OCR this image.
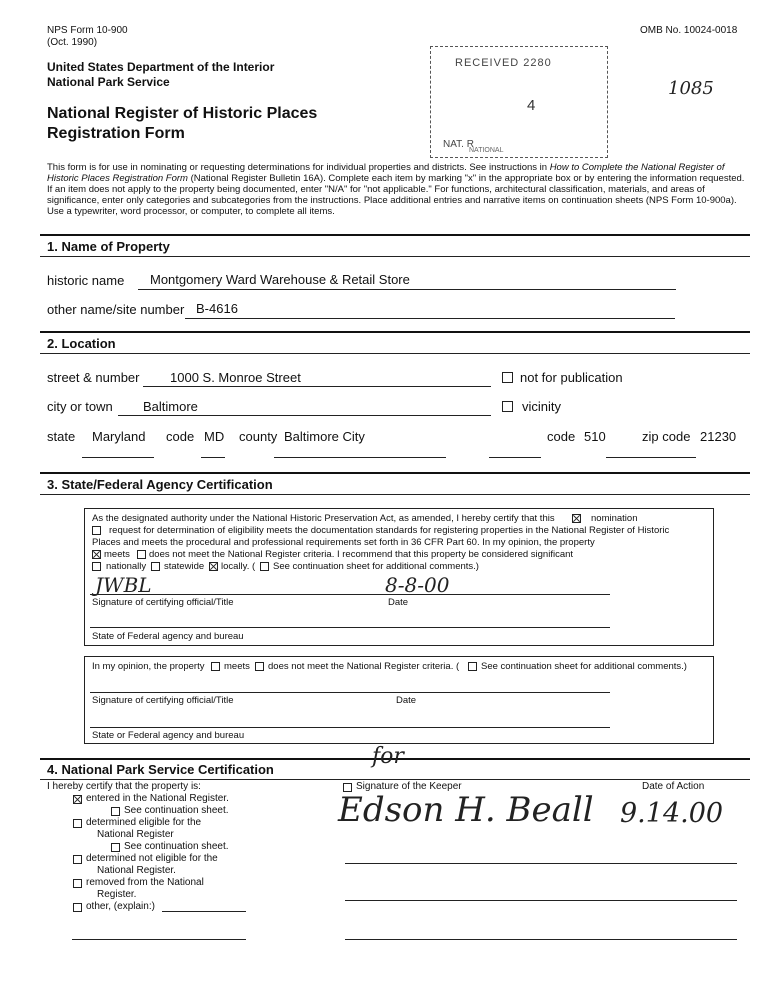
NPS Form 10-900
(Oct. 1990)
OMB No. 10024-0018
United States Department of the Interior
National Park Service
National Register of Historic Places
Registration Form
RECEIVED 2280
4
NAT. R
NATIONAL
1085
This form is for use in nominating or requesting determinations for individual properties and districts. See instructions in How to Complete the National Register of Historic Places Registration Form (National Register Bulletin 16A). Complete each item by marking "x" in the appropriate box or by entering the information requested. If an item does not apply to the property being documented, enter "N/A" for "not applicable." For functions, architectural classification, materials, and areas of significance, enter only categories and subcategories from the instructions. Place additional entries and narrative items on continuation sheets (NPS Form 10-900a). Use a typewriter, word processor, or computer, to complete all items.
1. Name of Property
historic name Montgomery Ward Warehouse & Retail Store
other name/site number B-4616
2. Location
street & number 1000 S. Monroe Street	not for publication
city or town Baltimore	vicinity
state Maryland code MD county Baltimore City	code 510	zip code 21230
3. State/Federal Agency Certification
As the designated authority under the National Historic Preservation Act, as amended, I hereby certify that this	nomination
request for determination of eligibility meets the documentation standards for registering properties in the National Register of Historic
Places and meets the procedural and professional requirements set forth in 36 CFR Part 60. In my opinion, the property
meets does not meet the National Register criteria. I recommend that this property be considered significant
nationally statewide locally. ( See continuation sheet for additional comments.)
JWBL	8-8-00
Signature of certifying official/Title	Date
State of Federal agency and bureau
In my opinion, the property meets does not meet the National Register criteria. ( See continuation sheet for additional comments.)
Signature of certifying official/Title	Date
State or Federal agency and bureau
4. National Park Service Certification
I hereby certify that the property is:
entered in the National Register.
See continuation sheet.
determined eligible for the
National Register
See continuation sheet.
determined not eligible for the
National Register.
removed from the National
Register.
other, (explain:)
Signature of the Keeper	Date of Action
for
Edson H. Beall 9.14.00
